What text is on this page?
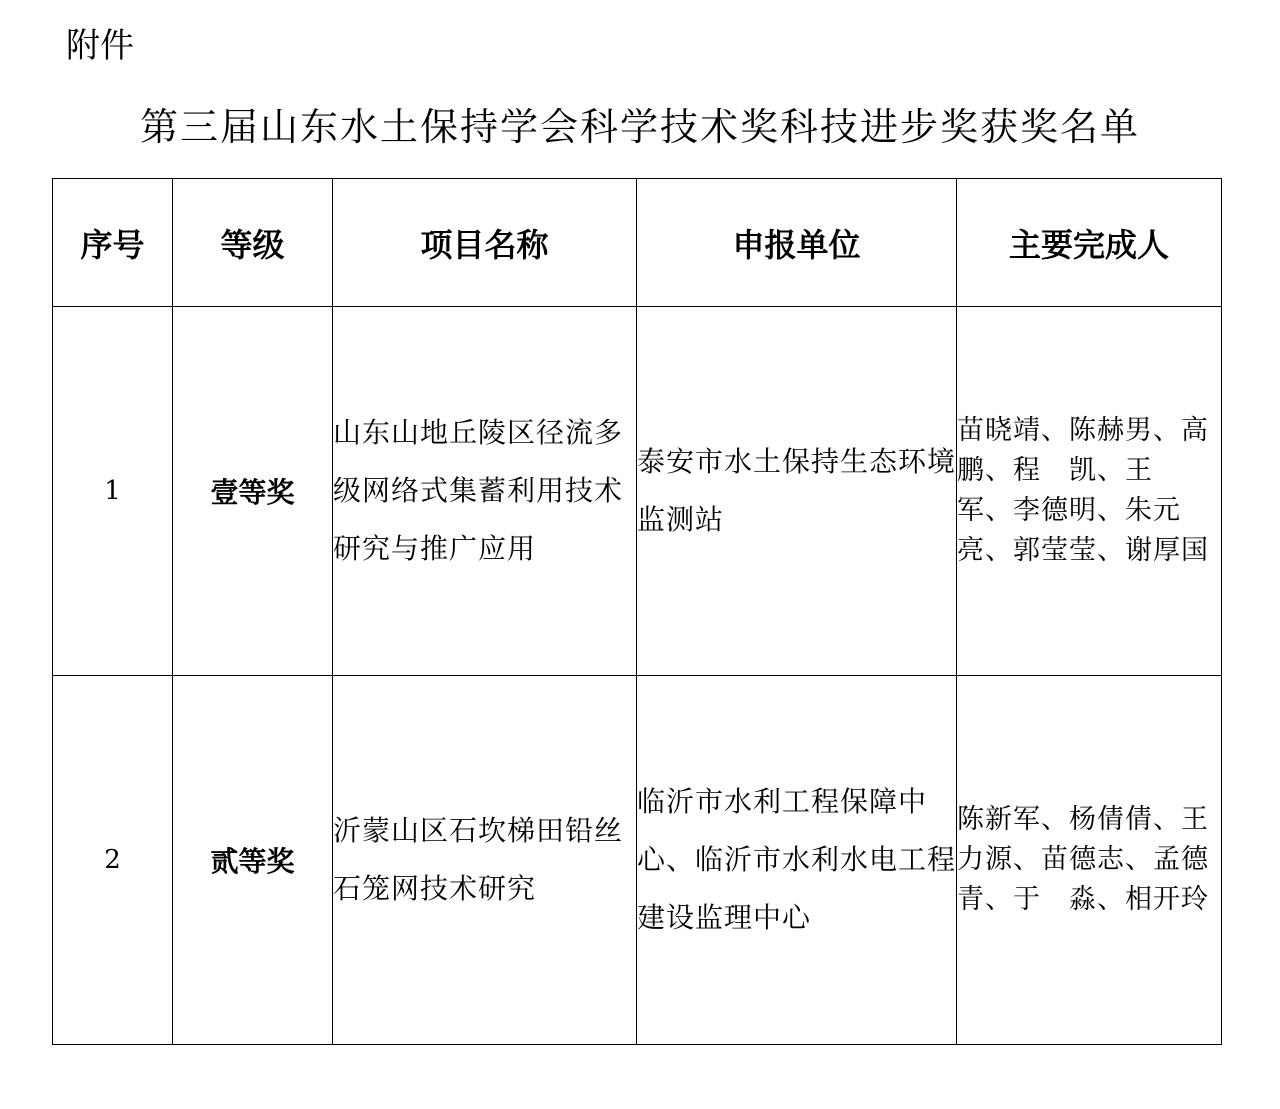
附件
第三届山东水土保持学会科学技术奖科技进步奖获奖名单
序号	等级	项目名称	申报单位	主要完成人
1	壹等奖	山东山地丘陵区径流多级网络式集蓄利用技术研究与推广应用	泰安市水土保持生态环境监测站	苗晓靖、陈赫男、高　鹏、程　凯、王　军、李德明、朱元亮、郭莹莹、谢厚国
2	贰等奖	沂蒙山区石坎梯田铅丝石笼网技术研究	临沂市水利工程保障中心、临沂市水利水电工程建设监理中心	陈新军、杨倩倩、王力源、苗德志、孟德青、于　淼、相开玲
